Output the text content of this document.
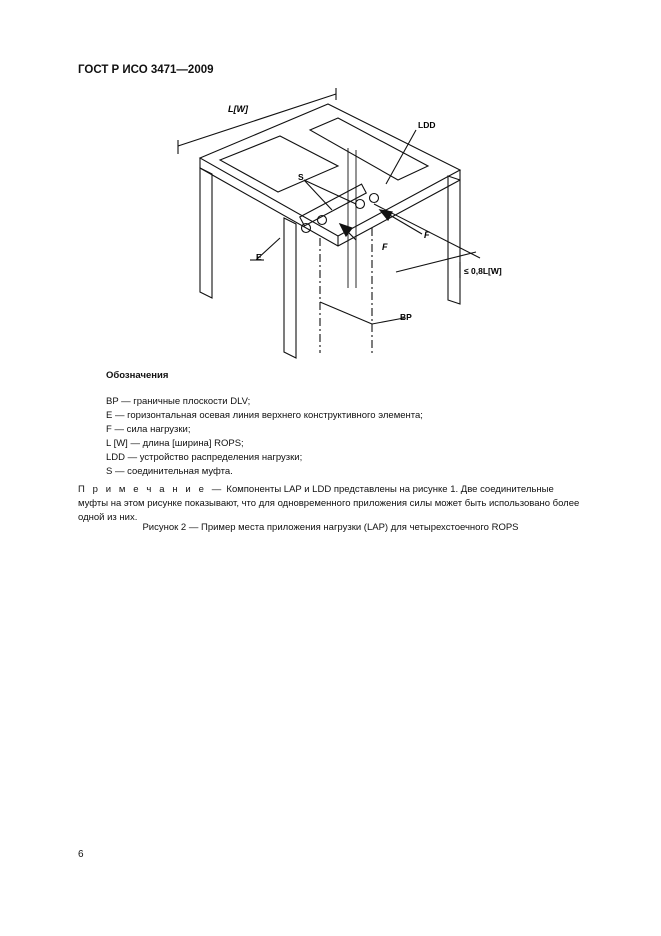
ГОСТ Р ИСО 3471—2009
L[W]
LDD
S
F
F
E
≤ 0,8L[W]
BP
Обозначения
BP — граничные плоскости DLV;
E — горизонтальная осевая линия верхнего конструктивного элемента;
F — сила нагрузки;
L [W] — длина [ширина] ROPS;
LDD — устройство распределения нагрузки;
S — соединительная муфта.
П р и м е ч а н и е — Компоненты LAP и LDD представлены на рисунке 1. Две соединительные муфты на этом рисунке показывают, что для одновременного приложения силы может быть использовано более одной из них.
Рисунок 2 — Пример места приложения нагрузки (LAP) для четырехстоечного ROPS
6
